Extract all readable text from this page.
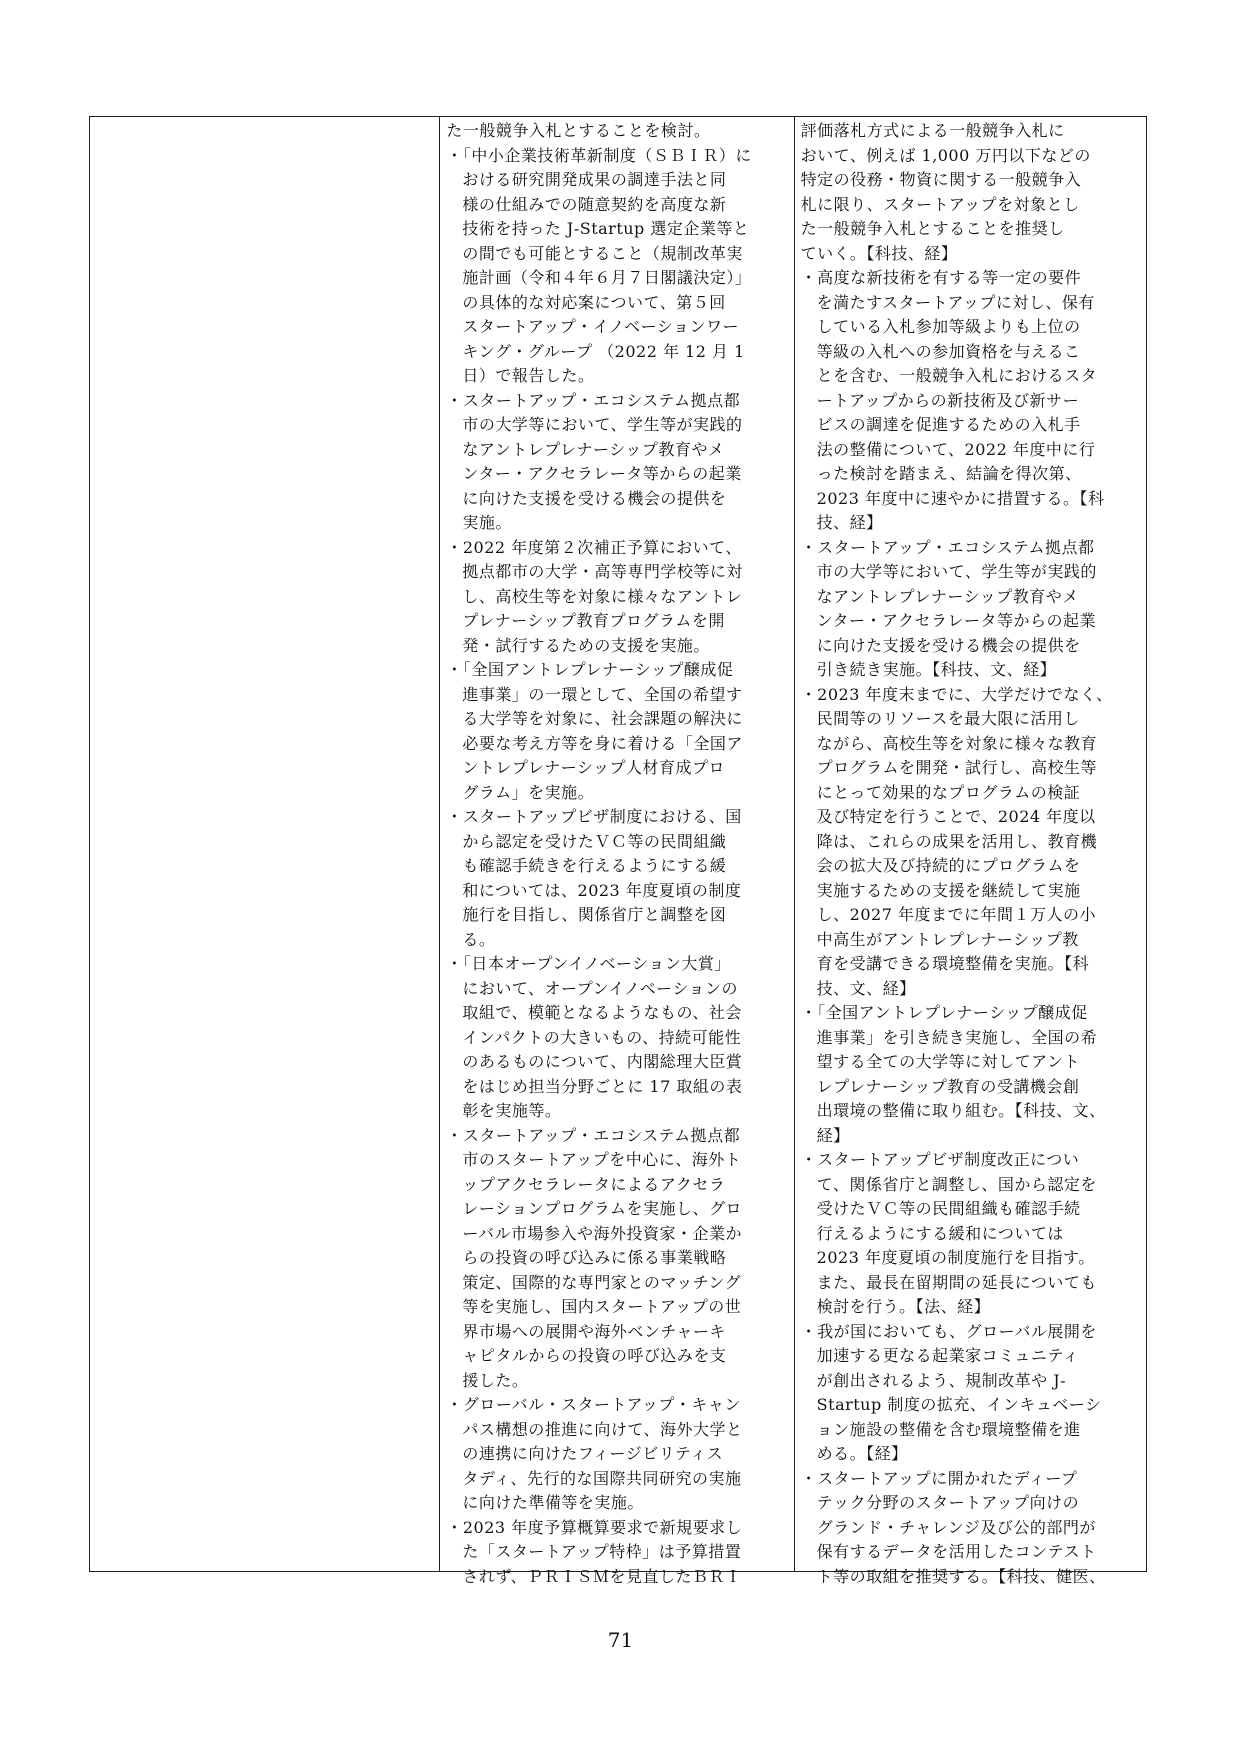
た一般競争入札とすることを検討。
・「中小企業技術革新制度（ＳＢＩＲ）に
おける研究開発成果の調達手法と同
様の仕組みでの随意契約を高度な新
技術を持った J-Startup 選定企業等と
の間でも可能とすること（規制改革実
施計画（令和４年６月７日閣議決定）」
の具体的な対応案について、第５回
スタートアップ・イノベーションワー
キング・グループ （2022 年 12 月 1
日）で報告した。
・スタートアップ・エコシステム拠点都
市の大学等において、学生等が実践的
なアントレプレナーシップ教育やメ
ンター・アクセラレータ等からの起業
に向けた支援を受ける機会の提供を
実施。
・2022 年度第２次補正予算において、
拠点都市の大学・高等専門学校等に対
し、高校生等を対象に様々なアントレ
プレナーシップ教育プログラムを開
発・試行するための支援を実施。
・「全国アントレプレナーシップ醸成促
進事業」の一環として、全国の希望す
る大学等を対象に、社会課題の解決に
必要な考え方等を身に着ける「全国ア
ントレプレナーシップ人材育成プロ
グラム」を実施。
・スタートアップビザ制度における、国
から認定を受けたＶＣ等の民間組織
も確認手続きを行えるようにする緩
和については、2023 年度夏頃の制度
施行を目指し、関係省庁と調整を図
る。
・「日本オープンイノベーション大賞」
において、オープンイノベーションの
取組で、模範となるようなもの、社会
インパクトの大きいもの、持続可能性
のあるものについて、内閣総理大臣賞
をはじめ担当分野ごとに 17 取組の表
彰を実施等。
・スタートアップ・エコシステム拠点都
市のスタートアップを中心に、海外ト
ップアクセラレータによるアクセラ
レーションプログラムを実施し、グロ
ーバル市場参入や海外投資家・企業か
らの投資の呼び込みに係る事業戦略
策定、国際的な専門家とのマッチング
等を実施し、国内スタートアップの世
界市場への展開や海外ベンチャーキ
ャピタルからの投資の呼び込みを支
援した。
・グローバル・スタートアップ・キャン
パス構想の推進に向けて、海外大学と
の連携に向けたフィージビリティス
タディ、先行的な国際共同研究の実施
に向けた準備等を実施。
・2023 年度予算概算要求で新規要求し
た「スタートアップ特枠」は予算措置
されず、ＰＲＩＳＭを見直したＢＲＩ
評価落札方式による一般競争入札に
おいて、例えば 1,000 万円以下などの
特定の役務・物資に関する一般競争入
札に限り、スタートアップを対象とし
た一般競争入札とすることを推奨し
ていく。【科技、経】
・高度な新技術を有する等一定の要件
を満たすスタートアップに対し、保有
している入札参加等級よりも上位の
等級の入札への参加資格を与えるこ
とを含む、一般競争入札におけるスタ
ートアップからの新技術及び新サー
ビスの調達を促進するための入札手
法の整備について、2022 年度中に行
った検討を踏まえ、結論を得次第、
2023 年度中に速やかに措置する。【科
技、経】
・スタートアップ・エコシステム拠点都
市の大学等において、学生等が実践的
なアントレプレナーシップ教育やメ
ンター・アクセラレータ等からの起業
に向けた支援を受ける機会の提供を
引き続き実施。【科技、文、経】
・2023 年度末までに、大学だけでなく、
民間等のリソースを最大限に活用し
ながら、高校生等を対象に様々な教育
プログラムを開発・試行し、高校生等
にとって効果的なプログラムの検証
及び特定を行うことで、2024 年度以
降は、これらの成果を活用し、教育機
会の拡大及び持続的にプログラムを
実施するための支援を継続して実施
し、2027 年度までに年間１万人の小
中高生がアントレプレナーシップ教
育を受講できる環境整備を実施。【科
技、文、経】
・「全国アントレプレナーシップ醸成促
進事業」を引き続き実施し、全国の希
望する全ての大学等に対してアント
レプレナーシップ教育の受講機会創
出環境の整備に取り組む。【科技、文、
経】
・スタートアップビザ制度改正につい
て、関係省庁と調整し、国から認定を
受けたＶＣ等の民間組織も確認手続
行えるようにする緩和については
2023 年度夏頃の制度施行を目指す。
また、最長在留期間の延長についても
検討を行う。【法、経】
・我が国においても、グローバル展開を
加速する更なる起業家コミュニティ
が創出されるよう、規制改革や J-
Startup 制度の拡充、インキュベーシ
ョン施設の整備を含む環境整備を進
める。【経】
・スタートアップに開かれたディープ
テック分野のスタートアップ向けの
グランド・チャレンジ及び公的部門が
保有するデータを活用したコンテスト
ト等の取組を推奨する。【科技、健医、
71
